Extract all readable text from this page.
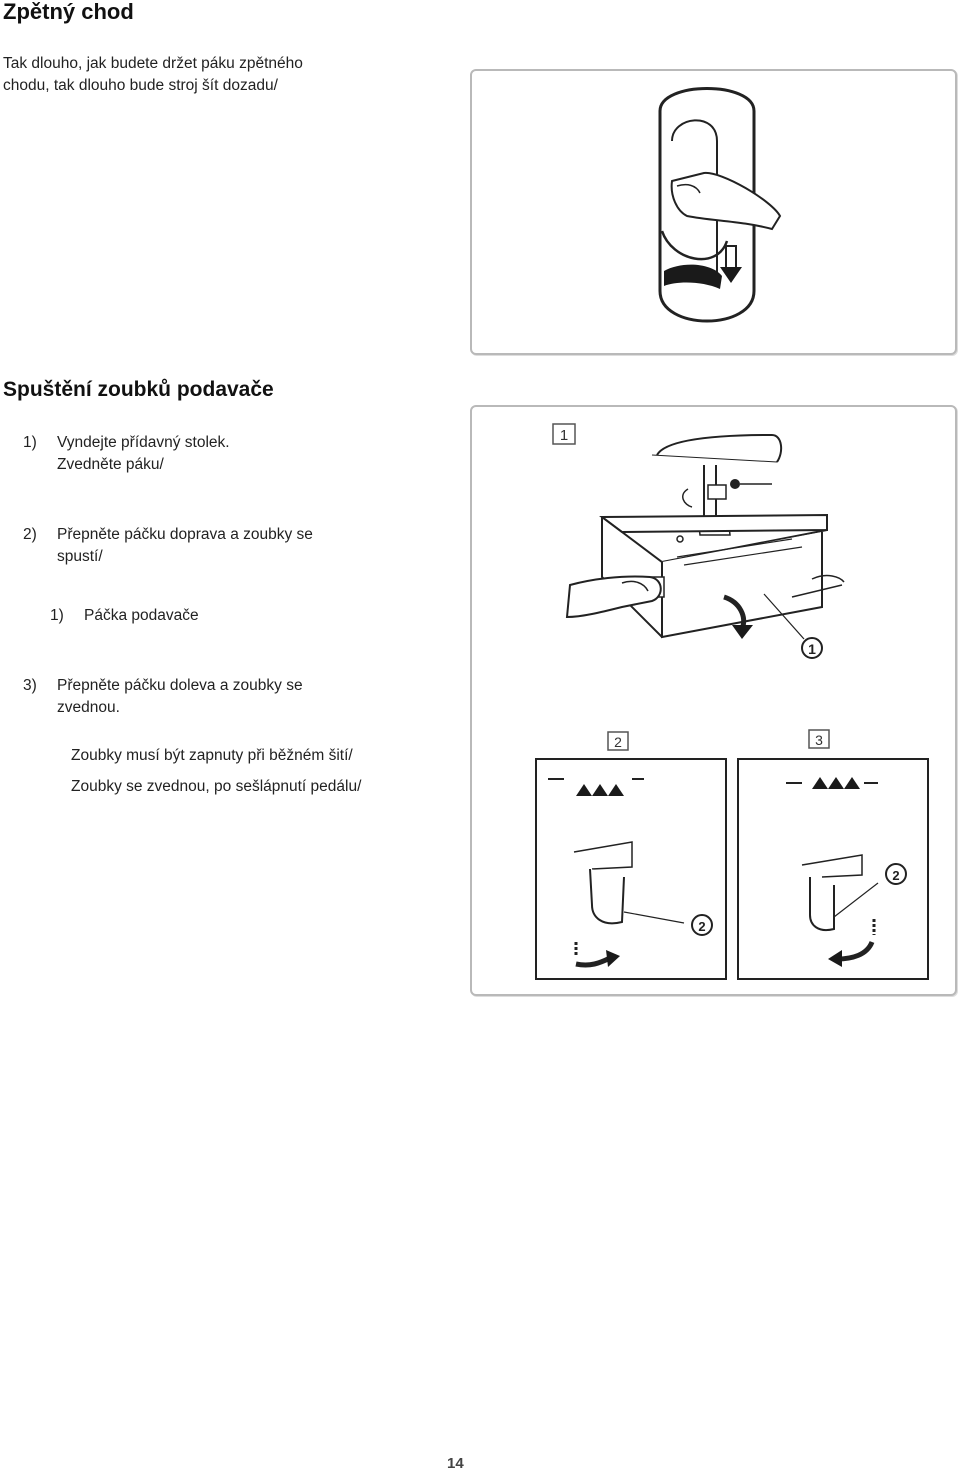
Zpětný chod

Tak dlouho, jak budete držet páku zpětného

chodu, tak dlouho bude stroj šít dozadu/

Spuštění zoubků podavače
1) Vyndejte přídavný stolek.
Zvedněte páku/
2) Přepněte páčku doprava a zoubky se
spustí/
1) Páčka podavače
3) Přepněte páčku doleva a zoubky se
zvednou.

Zoubky musí být zapnuty při běžném šití/

Zoubky se zvednou, po sešlápnutí pedálu/

1
1
2	3
2
2
14
